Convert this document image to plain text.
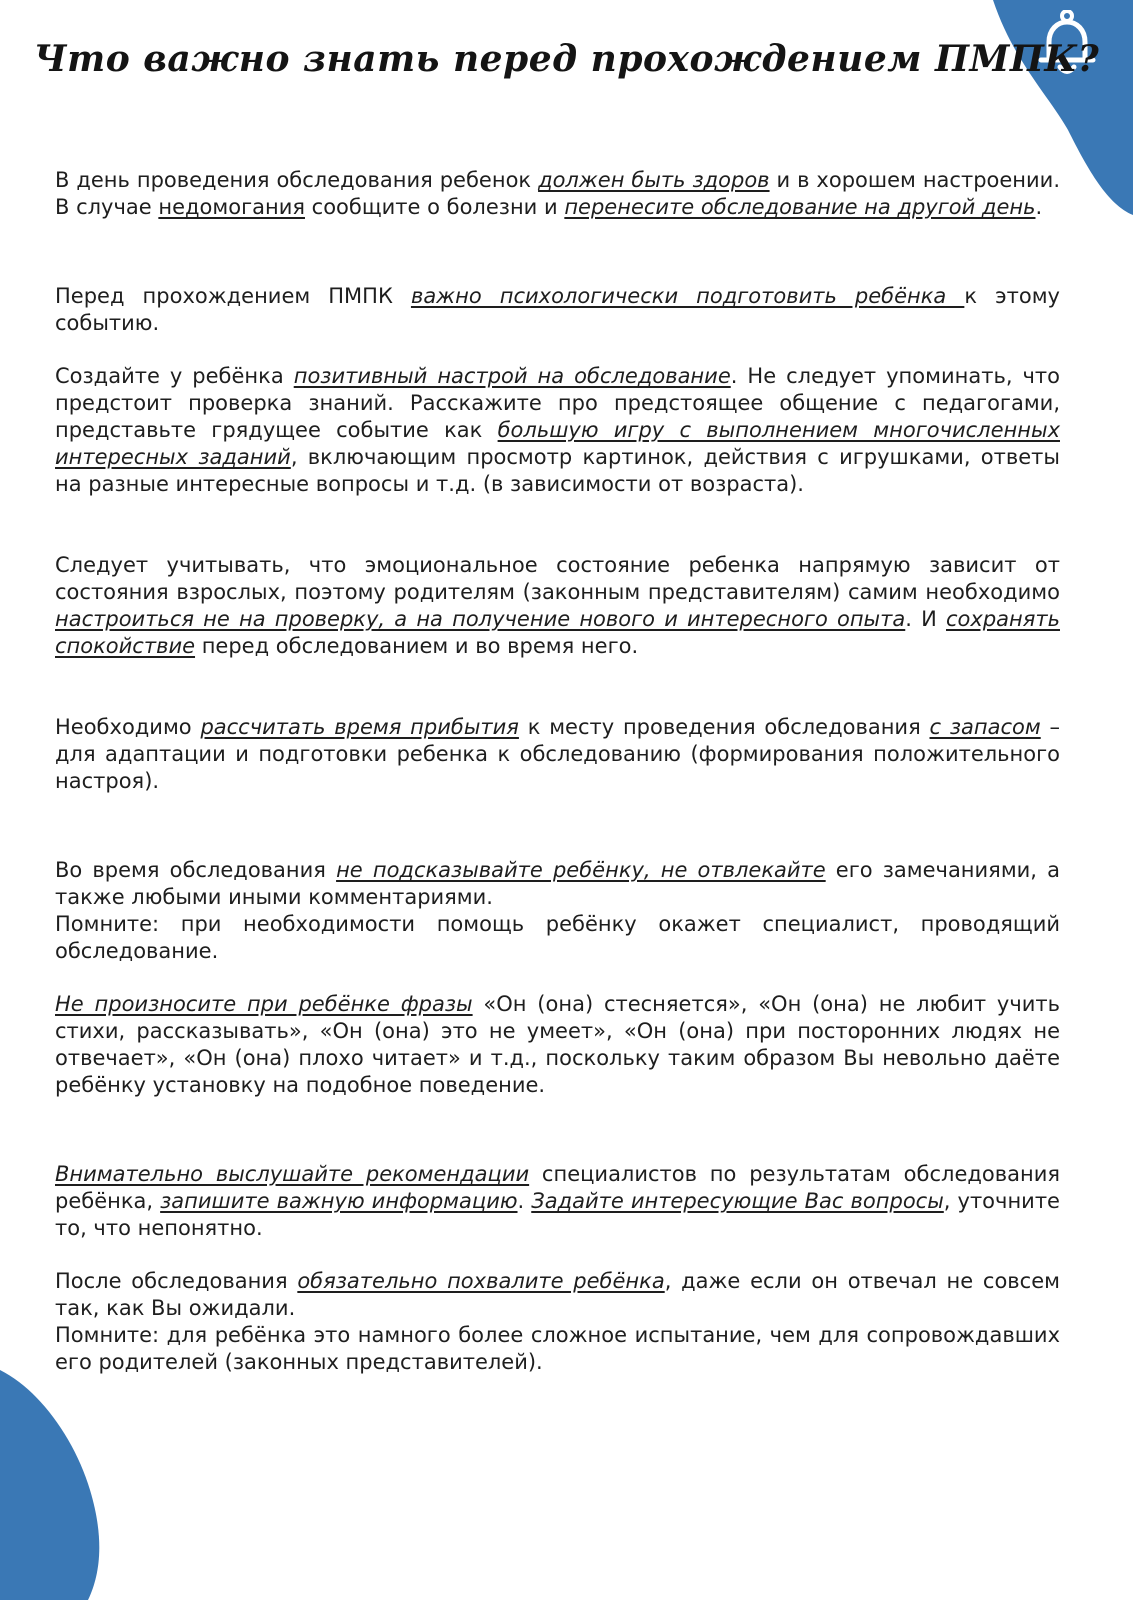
Что важно знать перед прохождением ПМПК?

В день проведения обследования ребенок должен быть здоров и в хорошем настроении. В случае недомогания сообщите о болезни и перенесите обследование на другой день.

Перед прохождением ПМПК важно психологически подготовить ребёнка к этому событию.

Создайте у ребёнка позитивный настрой на обследование. Не следует упоминать, что предстоит проверка знаний. Расскажите про предстоящее общение с педагогами, представьте грядущее событие как большую игру с выполнением многочисленных интересных заданий, включающим просмотр картинок, действия с игрушками, ответы на разные интересные вопросы и т.д. (в зависимости от возраста).

Следует учитывать, что эмоциональное состояние ребенка напрямую зависит от состояния взрослых, поэтому родителям (законным представителям) самим необходимо настроиться не на проверку, а на получение нового и интересного опыта. И сохранять спокойствие перед обследованием и во время него.

Необходимо рассчитать время прибытия к месту проведения обследования с запасом – для адаптации и подготовки ребенка к обследованию (формирования положительного настроя).

Во время обследования не подсказывайте ребёнку, не отвлекайте его замечаниями, а также любыми иными комментариями.

Помните: при необходимости помощь ребёнку окажет специалист, проводящий обследование.

Не произносите при ребёнке фразы «Он (она) стесняется», «Он (она) не любит учить стихи, рассказывать», «Он (она) это не умеет», «Он (она) при посторонних людях не отвечает», «Он (она) плохо читает» и т.д., поскольку таким образом Вы невольно даёте ребёнку установку на подобное поведение.

Внимательно выслушайте рекомендации специалистов по результатам обследования ребёнка, запишите важную информацию. Задайте интересующие Вас вопросы, уточните то, что непонятно.

После обследования обязательно похвалите ребёнка, даже если он отвечал не совсем так, как Вы ожидали.

Помните: для ребёнка это намного более сложное испытание, чем для сопровождавших его родителей (законных представителей).
